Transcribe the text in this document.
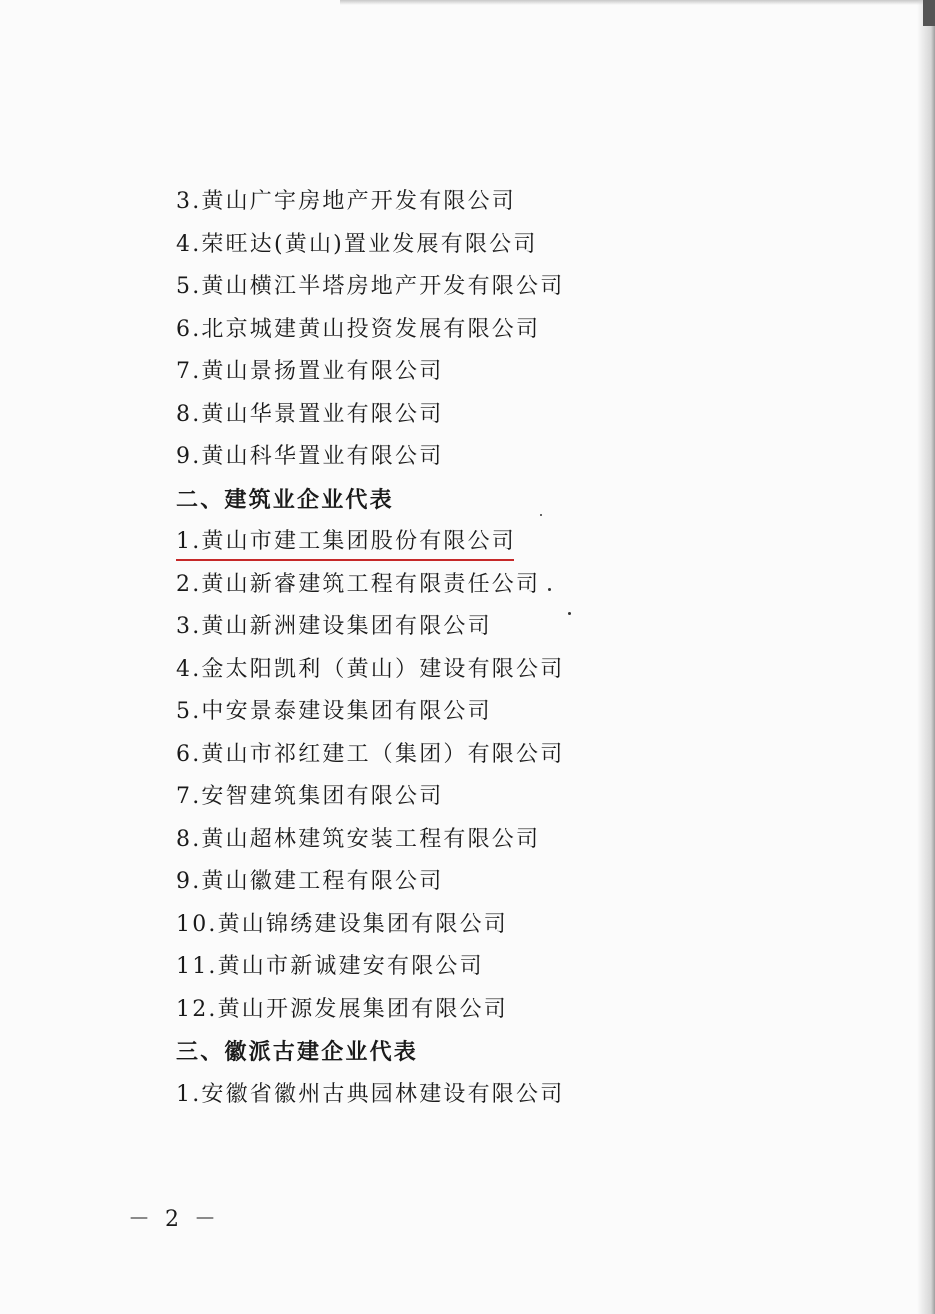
3.黄山广宇房地产开发有限公司
4.荣旺达(黄山)置业发展有限公司
5.黄山横江半塔房地产开发有限公司
6.北京城建黄山投资发展有限公司
7.黄山景扬置业有限公司
8.黄山华景置业有限公司
9.黄山科华置业有限公司
二、建筑业企业代表
1.黄山市建工集团股份有限公司
2.黄山新睿建筑工程有限责任公司
3.黄山新洲建设集团有限公司
4.金太阳凯利（黄山）建设有限公司
5.中安景泰建设集团有限公司
6.黄山市祁红建工（集团）有限公司
7.安智建筑集团有限公司
8.黄山超林建筑安装工程有限公司
9.黄山徽建工程有限公司
10.黄山锦绣建设集团有限公司
11.黄山市新诚建安有限公司
12.黄山开源发展集团有限公司
三、徽派古建企业代表
1.安徽省徽州古典园林建设有限公司
－ 2 －
